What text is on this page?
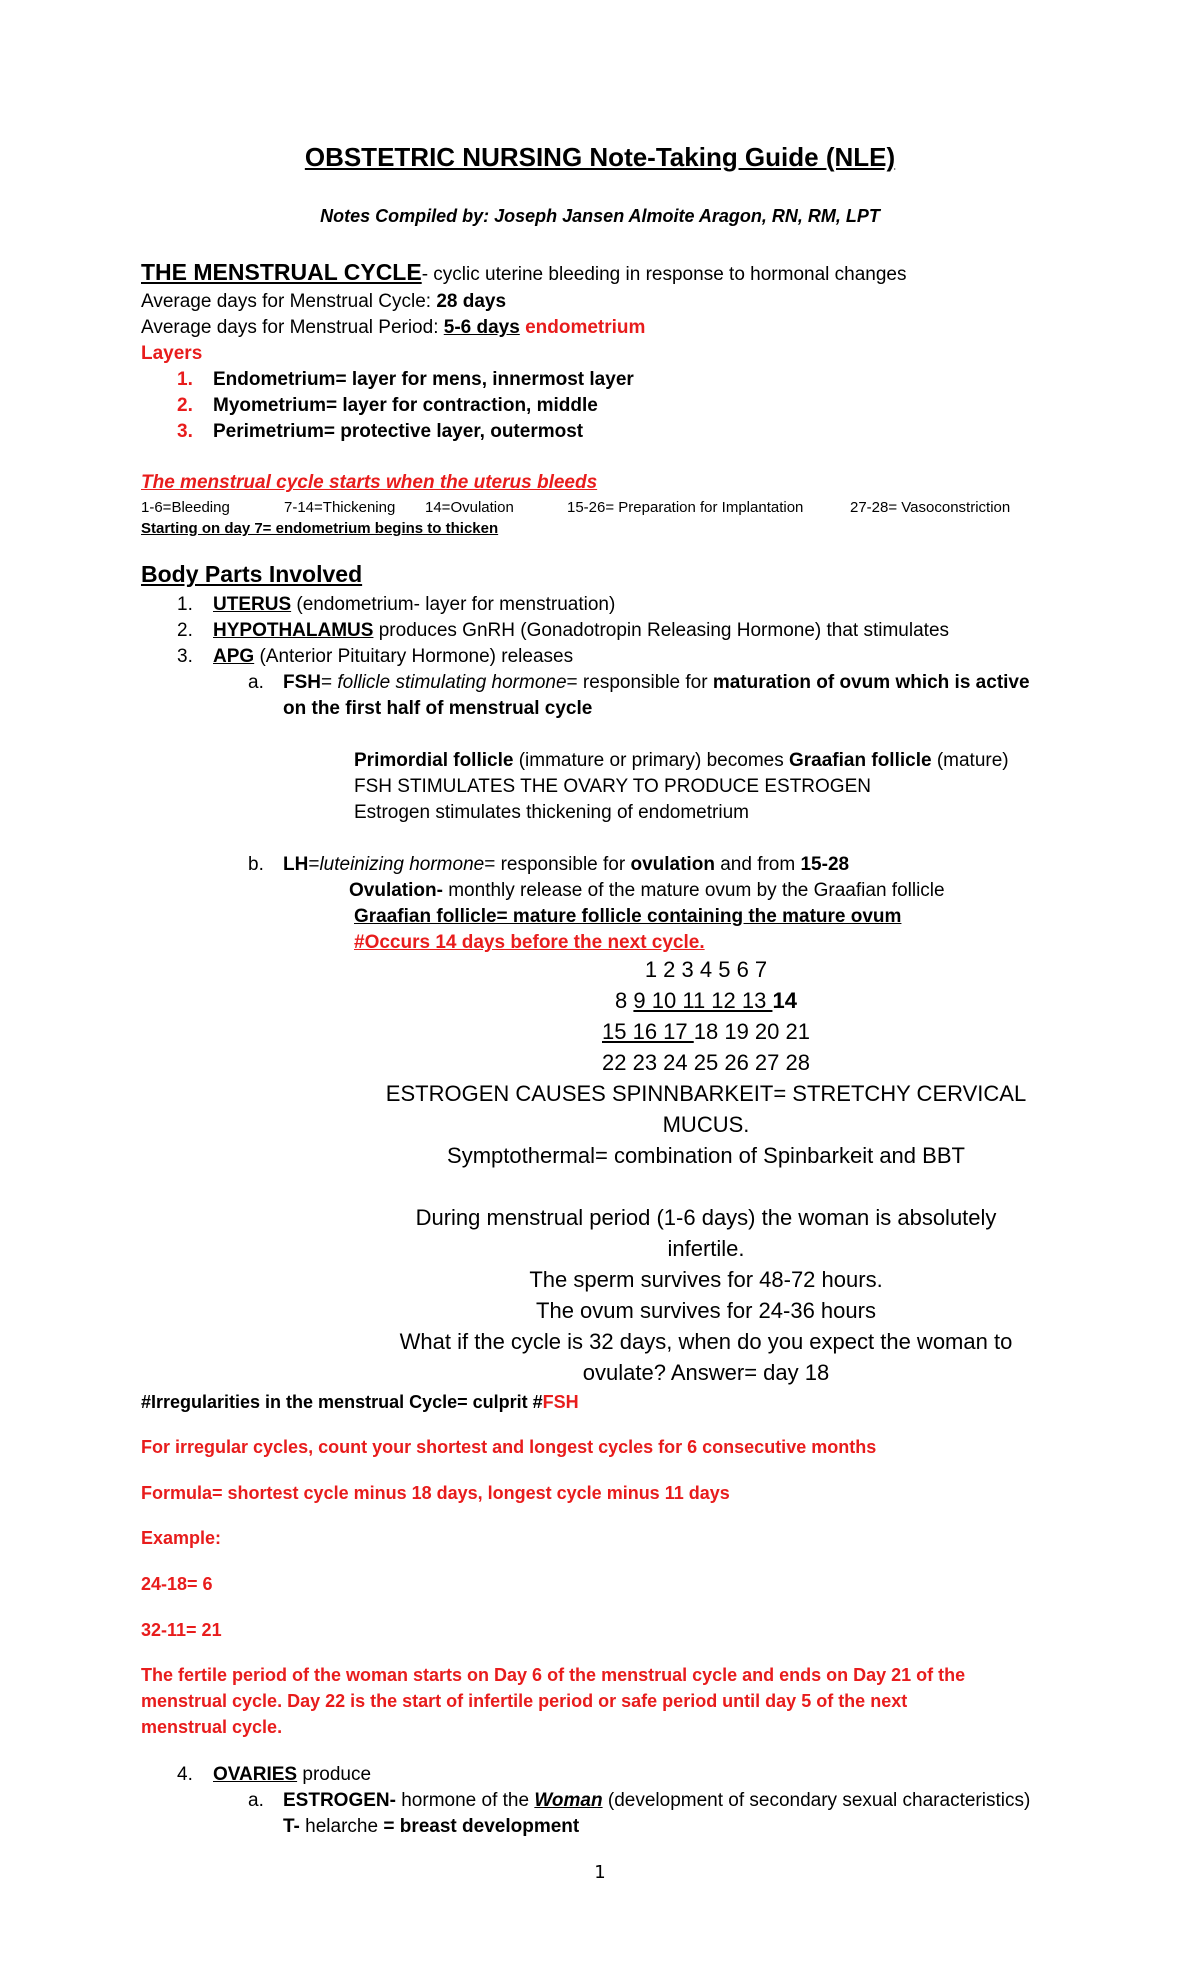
OBSTETRIC NURSING Note-Taking Guide (NLE)
Notes Compiled by: Joseph Jansen Almoite Aragon, RN, RM, LPT
THE MENSTRUAL CYCLE- cyclic uterine bleeding in response to hormonal changes
Average days for Menstrual Cycle: 28 days
Average days for Menstrual Period: 5-6 days endometrium
Layers
1. Endometrium= layer for mens, innermost layer
2. Myometrium= layer for contraction, middle
3. Perimetrium= protective layer, outermost
The menstrual cycle starts when the uterus bleeds
1-6=Bleeding	7-14=Thickening 14=Ovulation	15-26= Preparation for Implantation	27-28= Vasoconstriction
Starting on day 7= endometrium begins to thicken
Body Parts Involved
1. UTERUS (endometrium- layer for menstruation)
2. HYPOTHALAMUS produces GnRH (Gonadotropin Releasing Hormone) that stimulates
3. APG (Anterior Pituitary Hormone) releases
a. FSH= follicle stimulating hormone= responsible for maturation of ovum which is active
on the first half of menstrual cycle
Primordial follicle (immature or primary) becomes Graafian follicle (mature)
FSH STIMULATES THE OVARY TO PRODUCE ESTROGEN
Estrogen stimulates thickening of endometrium
b. LH=luteinizing hormone= responsible for ovulation and from 15-28
Ovulation- monthly release of the mature ovum by the Graafian follicle
Graafian follicle= mature follicle containing the mature ovum
#Occurs 14 days before the next cycle.
1 2 3 4 5 6 7
8 9 10 11 12 13 14
15 16 17 18 19 20 21
22 23 24 25 26 27 28
ESTROGEN CAUSES SPINNBARKEIT= STRETCHY CERVICAL
MUCUS.
Symptothermal= combination of Spinbarkeit and BBT
During menstrual period (1-6 days) the woman is absolutely
infertile.
The sperm survives for 48-72 hours.
The ovum survives for 24-36 hours
What if the cycle is 32 days, when do you expect the woman to
ovulate? Answer= day 18
#Irregularities in the menstrual Cycle= culprit #FSH
For irregular cycles, count your shortest and longest cycles for 6 consecutive months
Formula= shortest cycle minus 18 days, longest cycle minus 11 days
Example:
24-18= 6
32-11= 21
The fertile period of the woman starts on Day 6 of the menstrual cycle and ends on Day 21 of the
menstrual cycle. Day 22 is the start of infertile period or safe period until day 5 of the next
menstrual cycle.
4. OVARIES produce
a. ESTROGEN- hormone of the Woman (development of secondary sexual characteristics)
T- helarche = breast development
1
